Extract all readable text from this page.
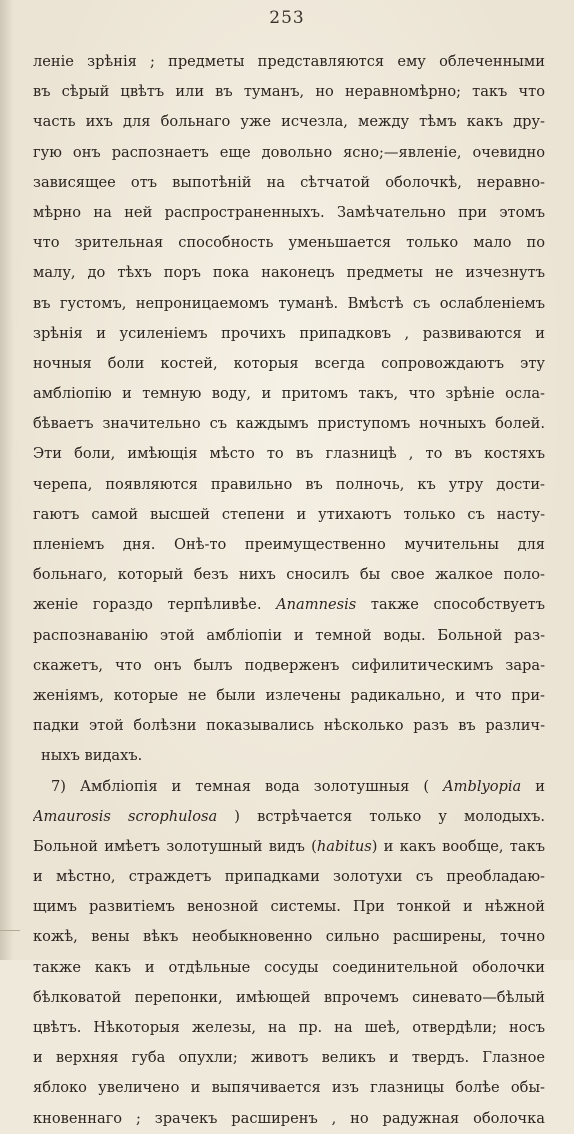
253
леніе зрѣнія ; предметы представляются ему облеченными
въ сѣрый цвѣтъ или въ туманъ, но неравномѣрно; такъ что
часть ихъ для больнаго уже исчезла, между тѣмъ какъ дру-
гую онъ распознаетъ еще довольно ясно;—явленіе, очевидно
зависящее отъ выпотѣній на сѣтчатой оболочкѣ, неравно-
мѣрно на ней распространенныхъ. Замѣчательно при этомъ
что зрительная способность уменьшается только мало по
малу, до тѣхъ поръ пока наконецъ предметы не изчезнутъ
въ густомъ, непроницаемомъ туманѣ. Вмѣстѣ съ ослабленіемъ
зрѣнія и усиленіемъ прочихъ припадковъ , развиваются и
ночныя боли костей, которыя всегда сопровождаютъ эту
амбліопію и темную воду, и притомъ такъ, что зрѣніе осла-
бѣваетъ значительно съ каждымъ приступомъ ночныхъ болей.
Эти боли, имѣющія мѣсто то въ глазницѣ , то въ костяхъ
черепа, появляются правильно въ полночь, къ утру дости-
гаютъ самой высшей степени и утихаютъ только съ насту-
пленіемъ дня. Онѣ-то преимущественно мучительны для
больнаго, который безъ нихъ сносилъ бы свое жалкое поло-
женіе гораздо терпѣливѣе. Anamnesis также способствуетъ
распознаванію этой амбліопіи и темной воды. Больной раз-
скажетъ, что онъ былъ подверженъ сифилитическимъ зара-
женіямъ, которые не были излечены радикально, и что при-
падки этой болѣзни показывались нѣсколько разъ въ различ-
ныхъ видахъ.
7) Амбліопія и темная вода золотушныя ( Amblyopia и
Amaurosis scrophulosa ) встрѣчается только у молодыхъ.
Больной имѣетъ золотушный видъ (habitus) и какъ вообще, такъ
и мѣстно, страждетъ припадками золотухи съ преобладаю-
щимъ развитіемъ венозной системы. При тонкой и нѣжной
кожѣ, вены вѣкъ необыкновенно сильно расширены, точно
также какъ и отдѣльные сосуды соединительной оболочки
бѣлковатой перепонки, имѣющей впрочемъ синевато—бѣлый
цвѣтъ. Нѣкоторыя железы, на пр. на шеѣ, отвердѣли; носъ
и верхняя губа опухли; животъ великъ и твердъ. Глазное
яблоко увеличено и выпячивается изъ глазницы болѣе обы-
кновеннаго ; зрачекъ расширенъ , но радужная оболочка
